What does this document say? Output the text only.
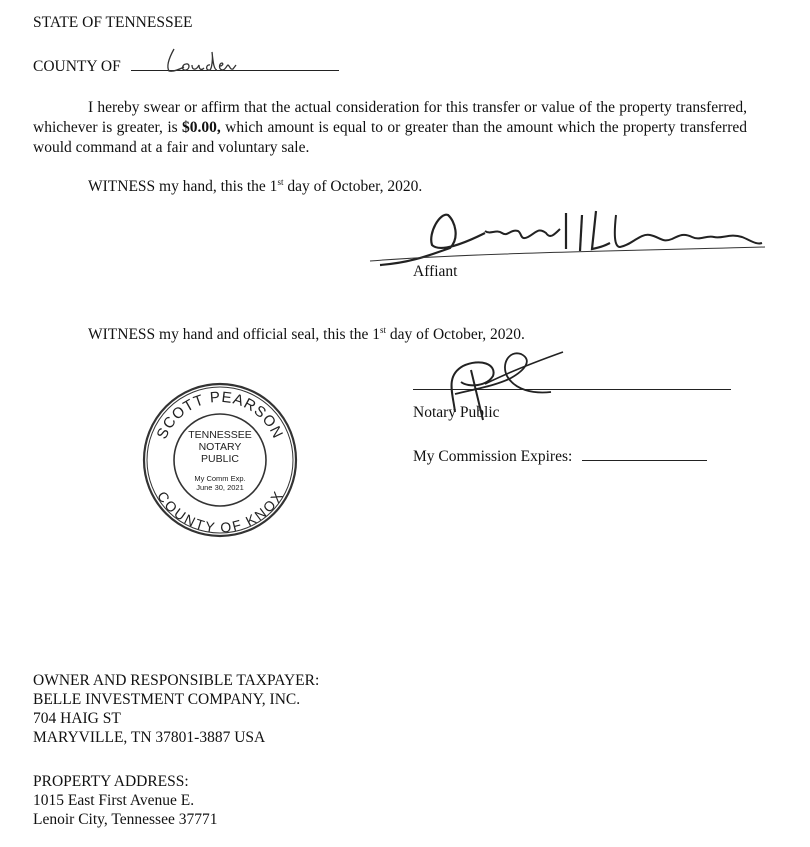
STATE OF TENNESSEE
COUNTY OF
I hereby swear or affirm that the actual consideration for this transfer or value of the property transferred, whichever is greater, is $0.00, which amount is equal to or greater than the amount which the property transferred would command at a fair and voluntary sale.
WITNESS my hand, this the 1st day of October, 2020.
Affiant
WITNESS my hand and official seal, this the 1st day of October, 2020.
Notary Public
My Commission Expires:
SCOTT PEARSON
COUNTY OF KNOX
TENNESSEE
NOTARY
PUBLIC
My Comm Exp.
June 30, 2021
OWNER AND RESPONSIBLE TAXPAYER:
BELLE INVESTMENT COMPANY, INC.
704 HAIG ST
MARYVILLE, TN 37801-3887 USA
PROPERTY ADDRESS:
1015 East First Avenue E.
Lenoir City, Tennessee 37771
